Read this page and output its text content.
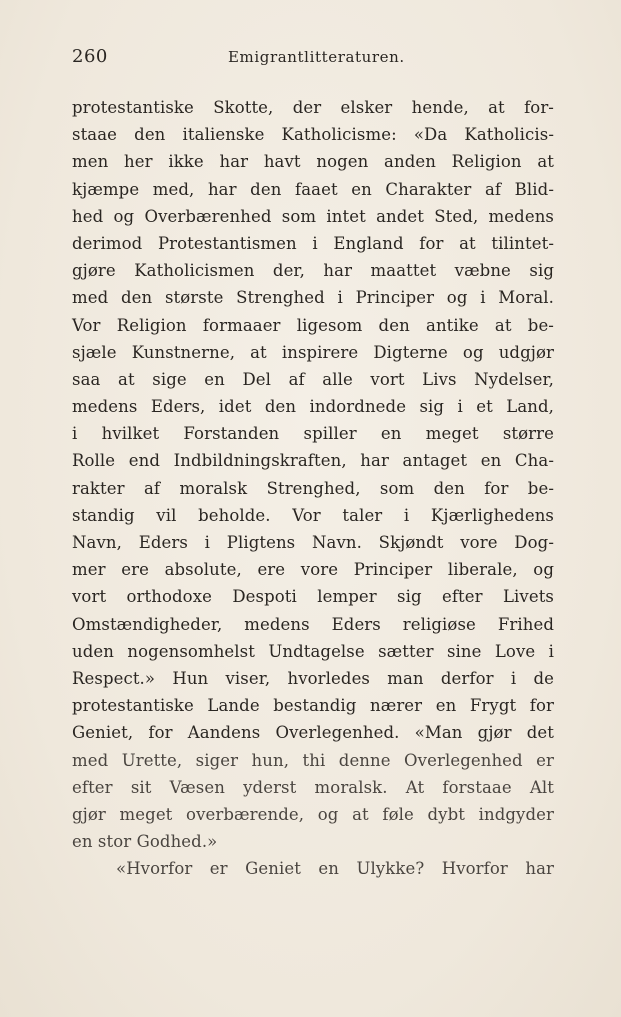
260	Emigrantlitteraturen.
protestantiske Skotte, der elsker hende, at for-
staae den italienske Katholicisme: «Da Katholicis-
men her ikke har havt nogen anden Religion at
kjæmpe med, har den faaet en Charakter af Blid-
hed og Overbærenhed som intet andet Sted, medens
derimod Protestantismen i England for at tilintet-
gjøre Katholicismen der, har maattet væbne sig
med den største Strenghed i Principer og i Moral.
Vor Religion formaaer ligesom den antike at be-
sjæle Kunstnerne, at inspirere Digterne og udgjør
saa at sige en Del af alle vort Livs Nydelser,
medens Eders, idet den indordnede sig i et Land,
i hvilket Forstanden spiller en meget større
Rolle end Indbildningskraften, har antaget en Cha-
rakter af moralsk Strenghed, som den for be-
standig vil beholde. Vor taler i Kjærlighedens
Navn, Eders i Pligtens Navn. Skjøndt vore Dog-
mer ere absolute, ere vore Principer liberale, og
vort orthodoxe Despoti lemper sig efter Livets
Omstændigheder, medens Eders religiøse Frihed
uden nogensomhelst Undtagelse sætter sine Love i
Respect.» Hun viser, hvorledes man derfor i de
protestantiske Lande bestandig nærer en Frygt for
Geniet, for Aandens Overlegenhed. «Man gjør det
med Urette, siger hun, thi denne Overlegenhed er
efter sit Væsen yderst moralsk. At forstaae Alt
gjør meget overbærende, og at føle dybt indgyder
en stor Godhed.»
«Hvorfor er Geniet en Ulykke? Hvorfor har
